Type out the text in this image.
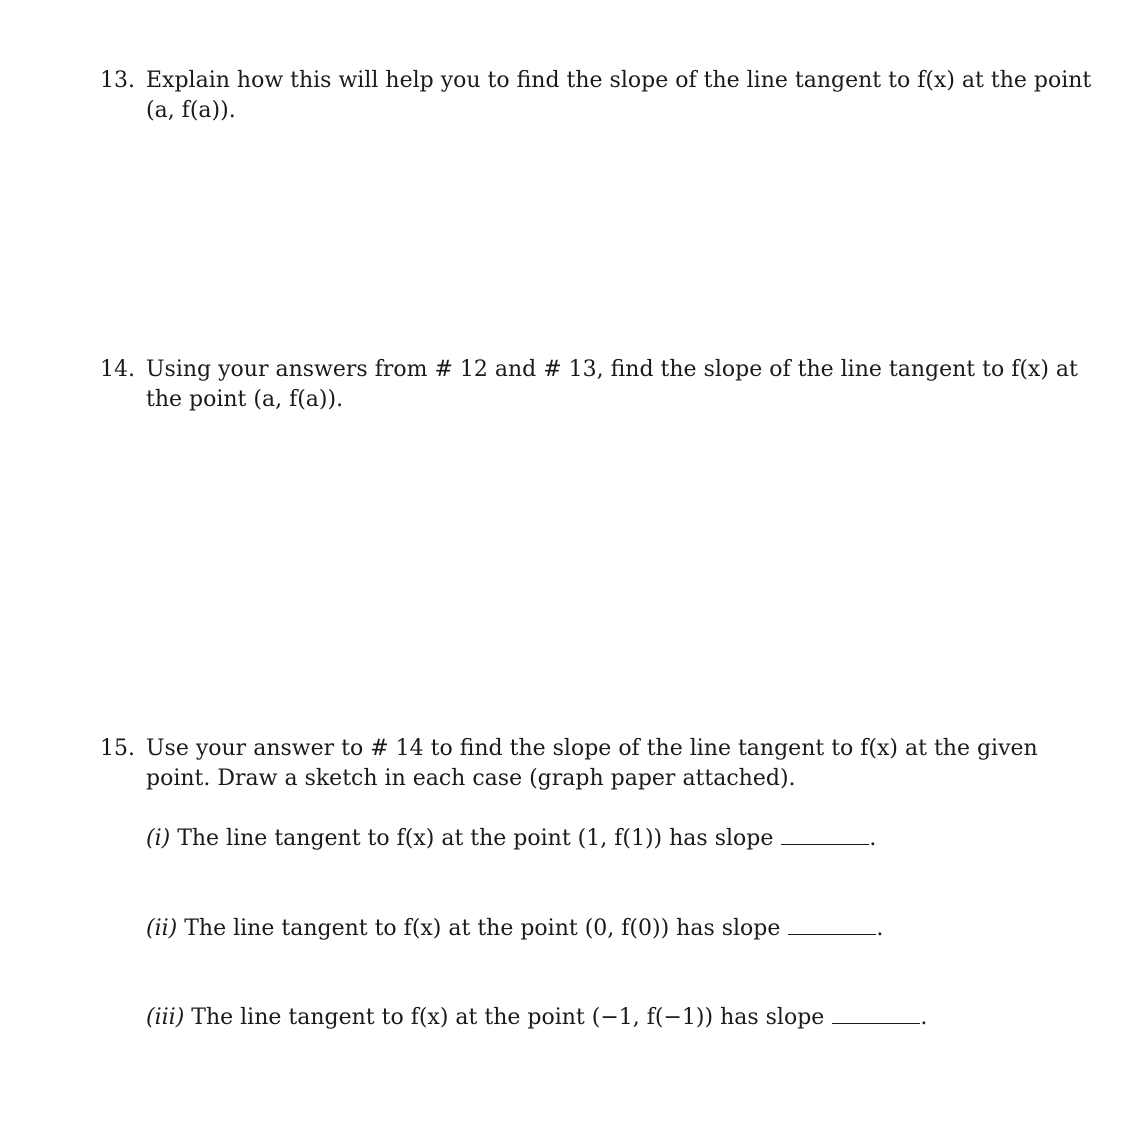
13. Explain how this will help you to find the slope of the line tangent to f(x) at the point
(a, f(a)).
14. Using your answers from # 12 and # 13, find the slope of the line tangent to f(x) at
the point (a, f(a)).
15. Use your answer to # 14 to find the slope of the line tangent to f(x) at the given
point. Draw a sketch in each case (graph paper attached).
(i) The line tangent to f(x) at the point (1, f(1)) has slope	.
(ii) The line tangent to f(x) at the point (0, f(0)) has slope	.
(iii) The line tangent to f(x) at the point (−1, f(−1)) has slope	.
